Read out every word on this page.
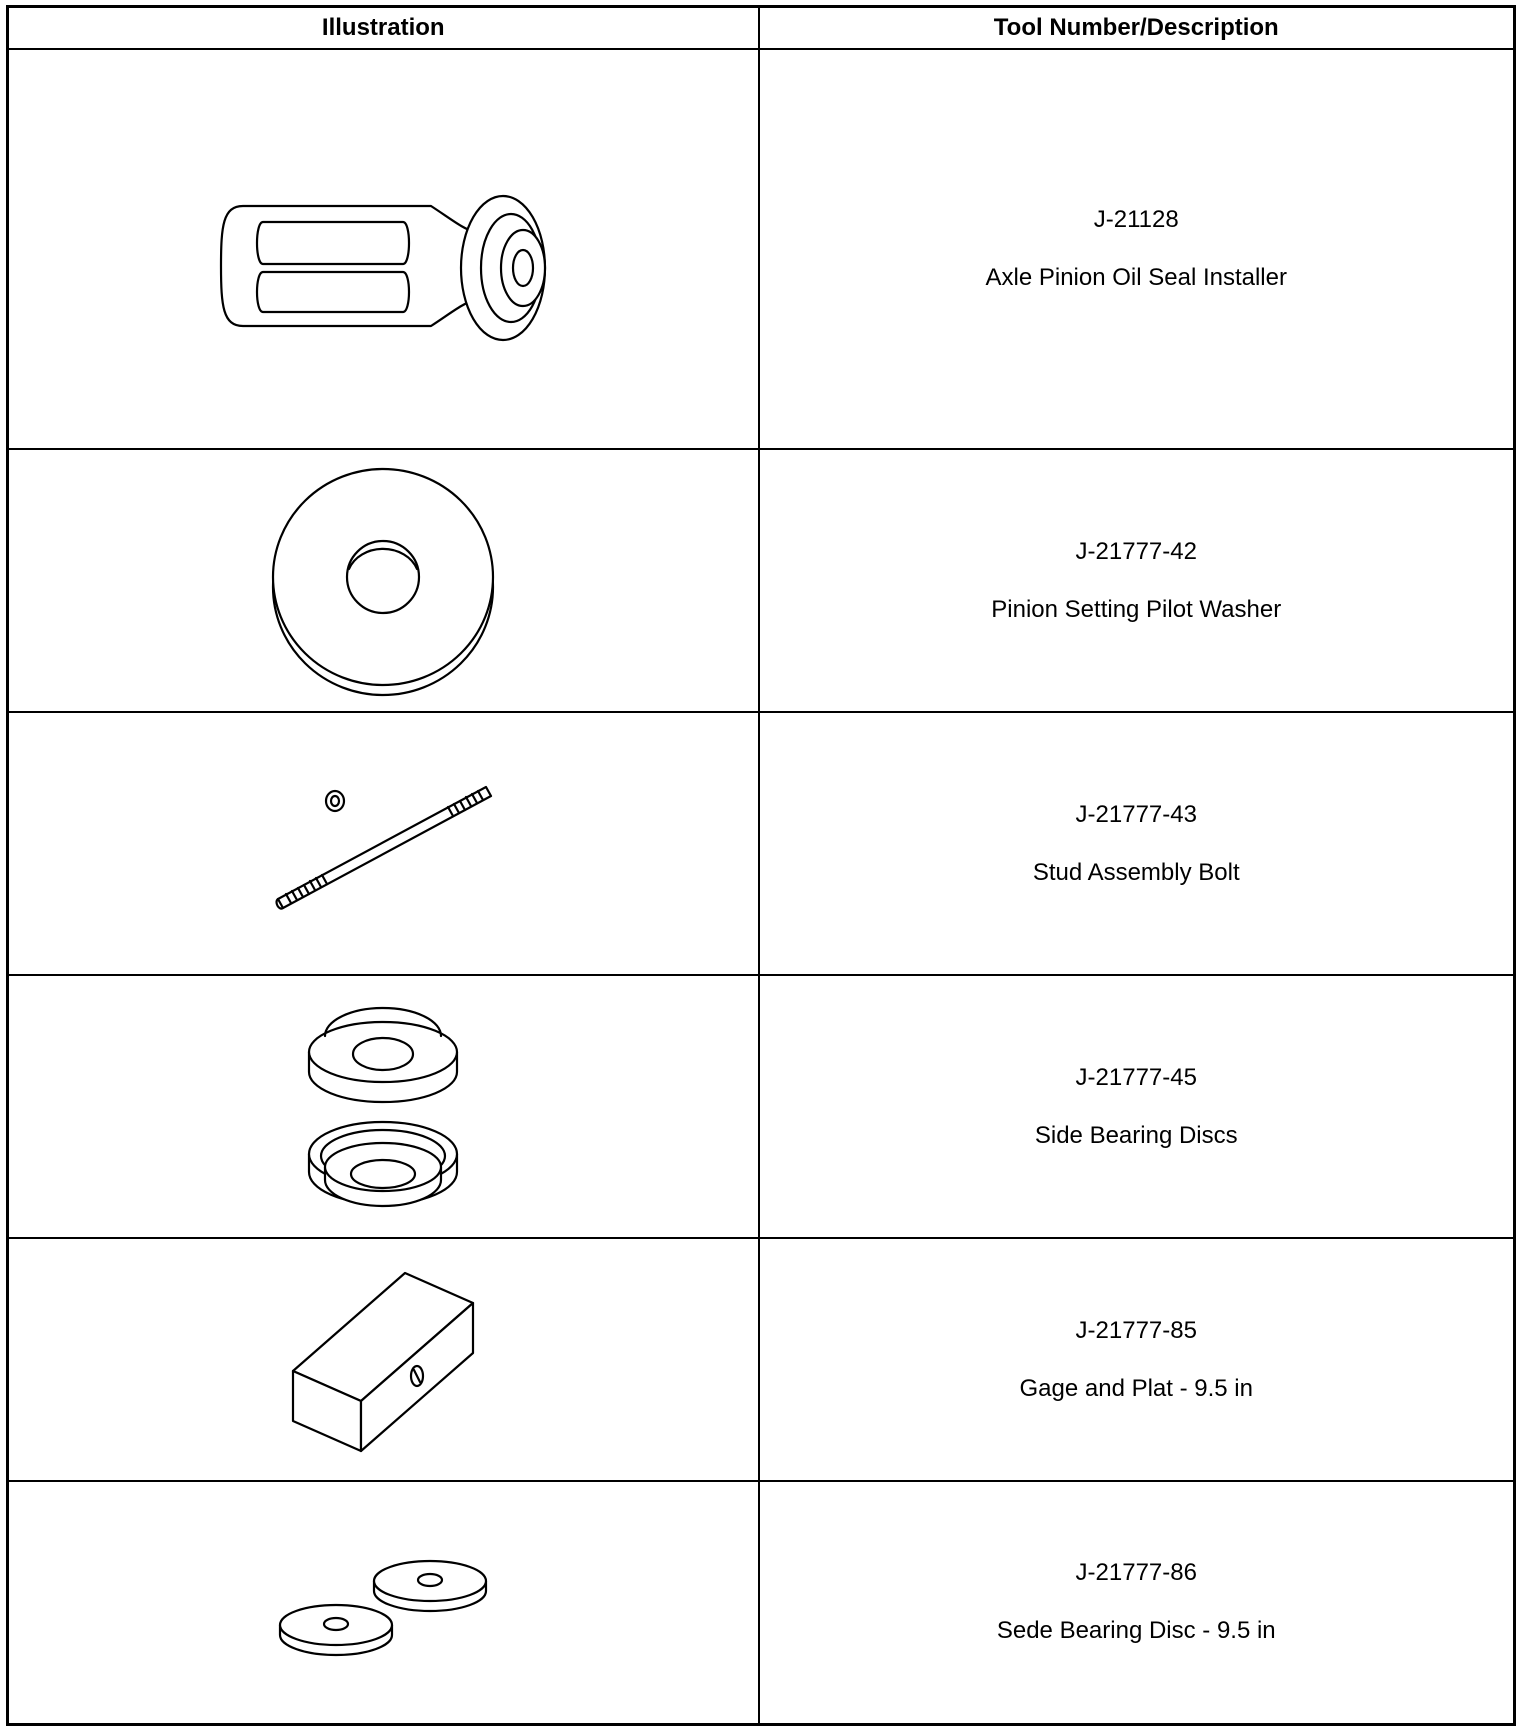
Illustration	Tool Number/Description

J-21128
Axle Pinion Oil Seal Installer

J-21777-42
Pinion Setting Pilot Washer

J-21777-43
Stud Assembly Bolt

J-21777-45
Side Bearing Discs

J-21777-85
Gage and Plat - 9.5 in

J-21777-86
Sede Bearing Disc - 9.5 in
